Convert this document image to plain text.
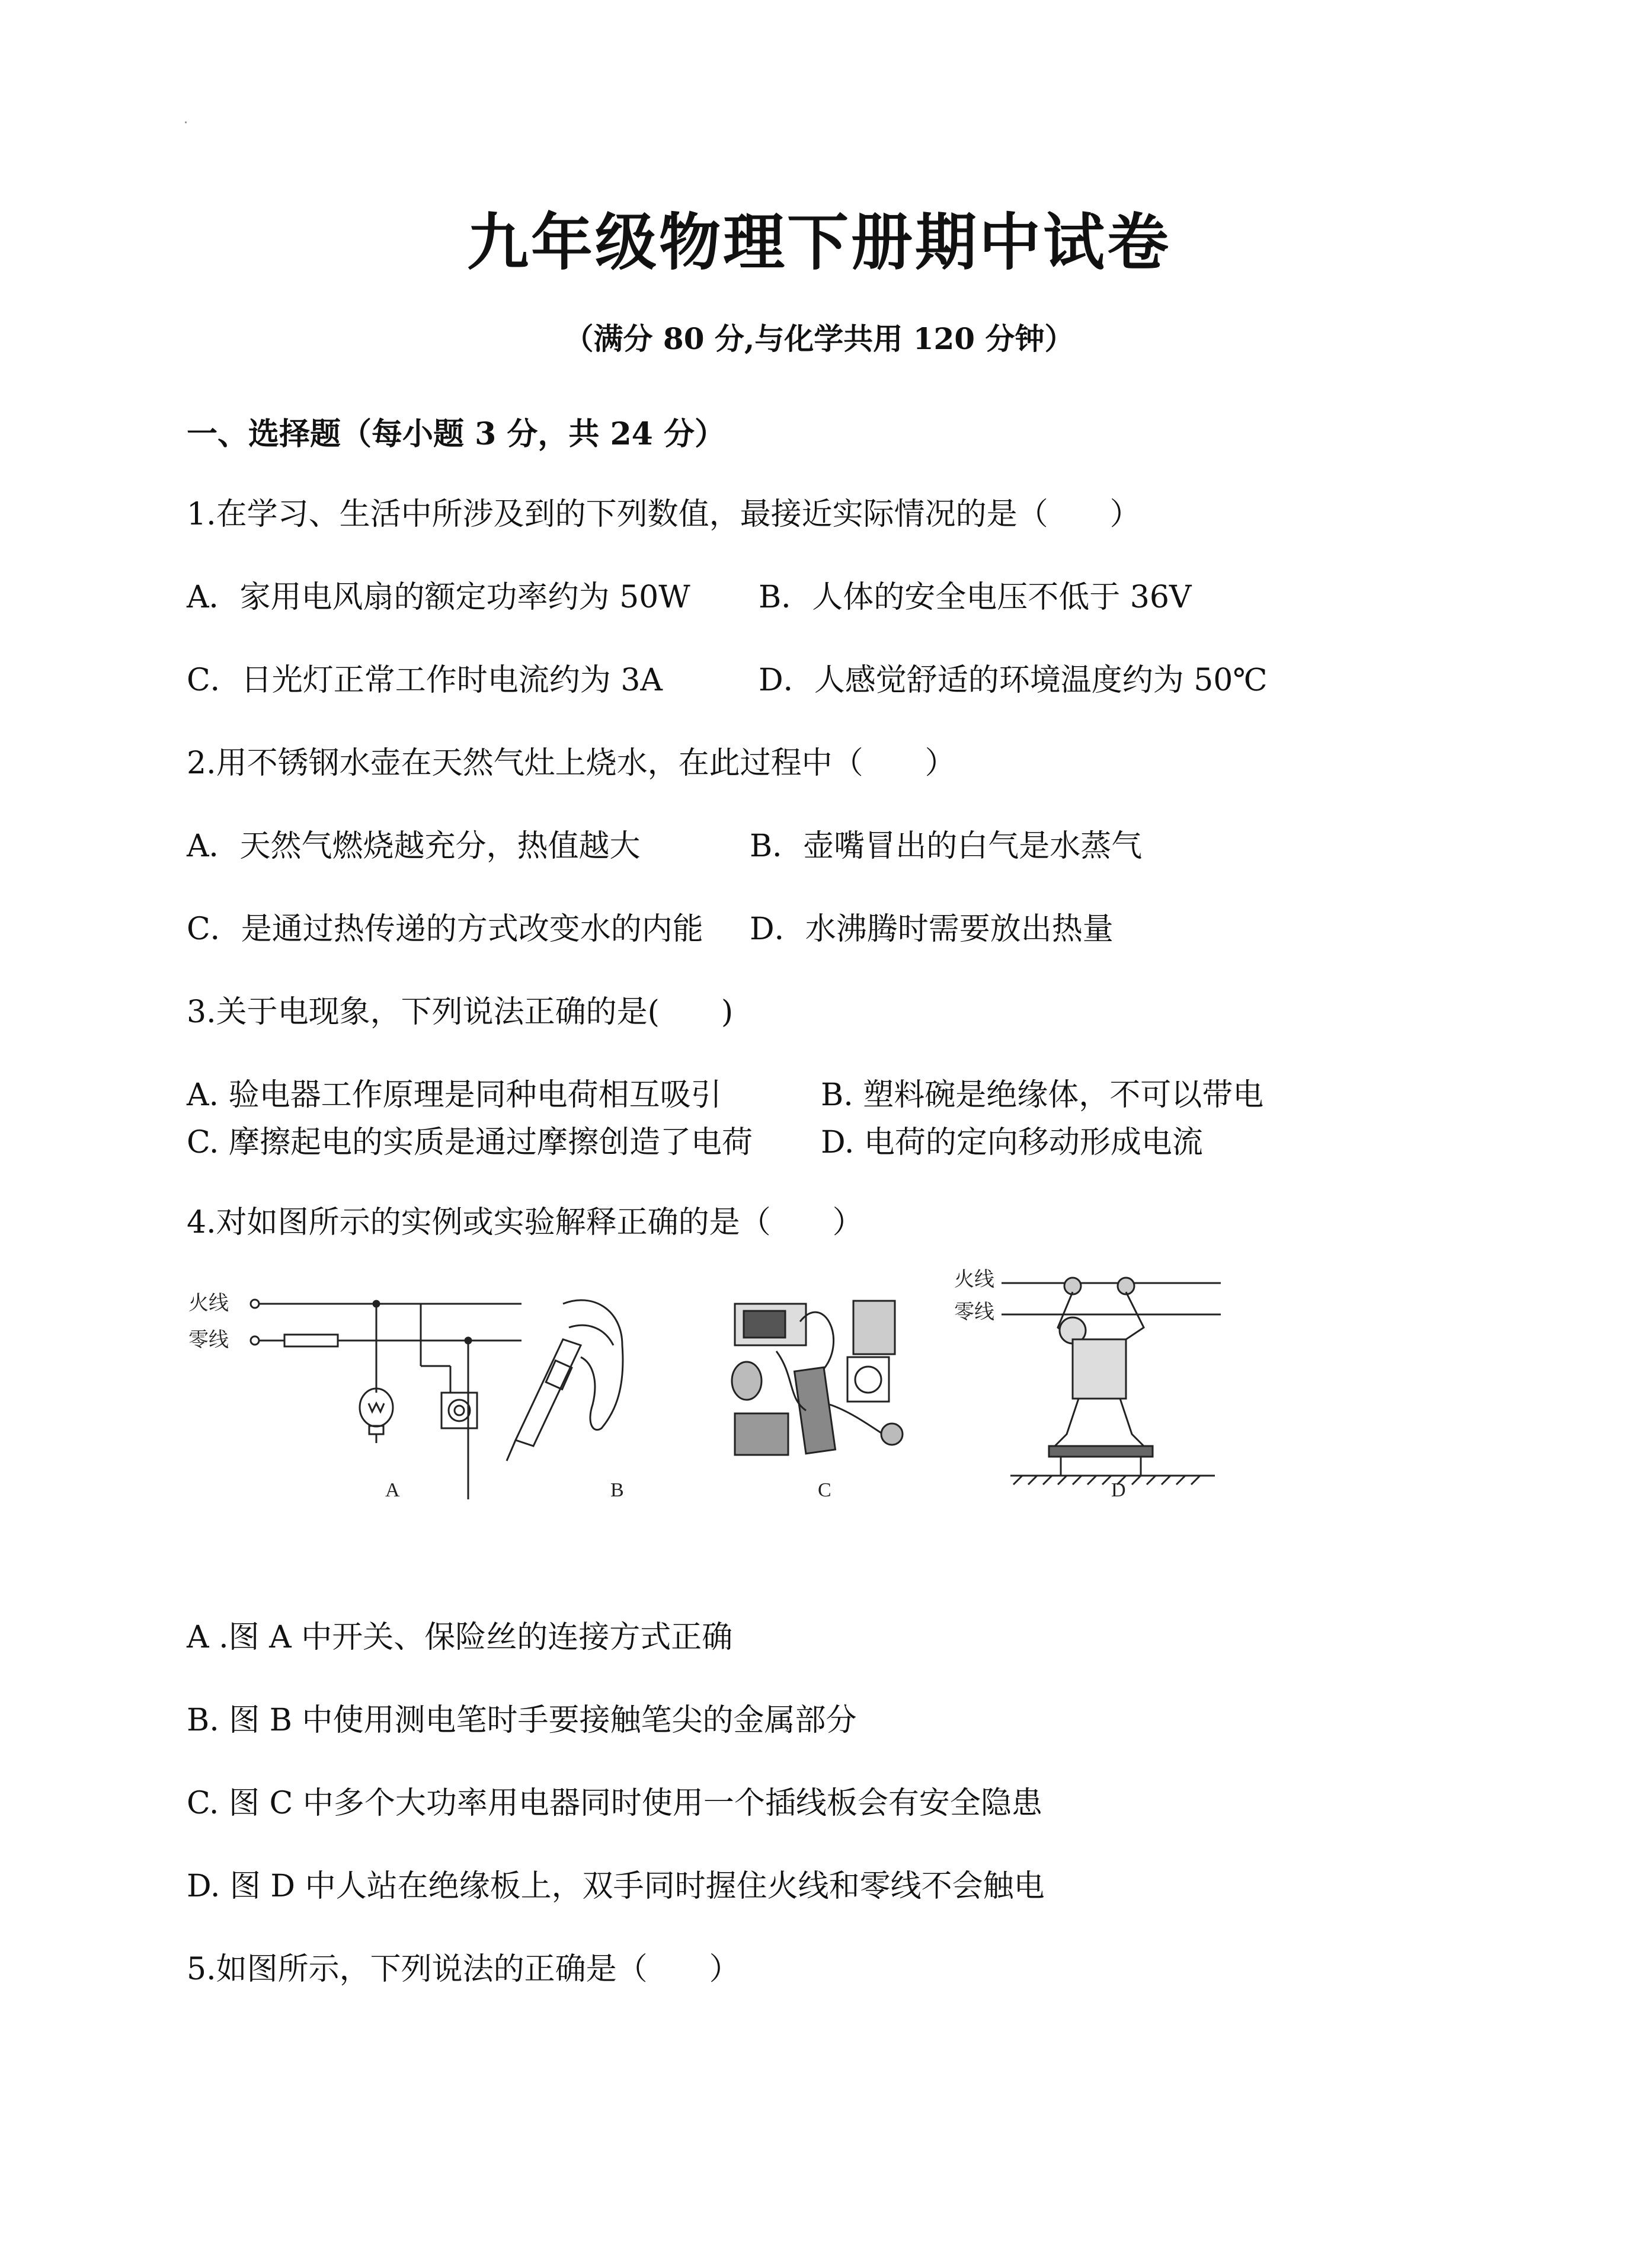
九年级物理下册期中试卷
（满分 80 分,与化学共用 120 分钟）
一、选择题（每小题 3 分，共 24 分）
1.在学习、生活中所涉及到的下列数值，最接近实际情况的是（　　）
A．家用电风扇的额定功率约为 50W B．人体的安全电压不低于 36V
C．日光灯正常工作时电流约为 3A	D．人感觉舒适的环境温度约为 50℃
2.用不锈钢水壶在天然气灶上烧水，在此过程中（　　）
A．天然气燃烧越充分，热值越大	B．壶嘴冒出的白气是水蒸气
C．是通过热传递的方式改变水的内能 D．水沸腾时需要放出热量
3.关于电现象，下列说法正确的是(　　)
A. 验电器工作原理是同种电荷相互吸引	B. 塑料碗是绝缘体，不可以带电
C. 摩擦起电的实质是通过摩擦创造了电荷 D. 电荷的定向移动形成电流
4.对如图所示的实例或实验解释正确的是（　　）
火线
零线
A	B	C
火线
零线
D
A .图 A 中开关、保险丝的连接方式正确
B. 图 B 中使用测电笔时手要接触笔尖的金属部分
C. 图 C 中多个大功率用电器同时使用一个插线板会有安全隐患
D. 图 D 中人站在绝缘板上，双手同时握住火线和零线不会触电
5.如图所示，下列说法的正确是（　　）
